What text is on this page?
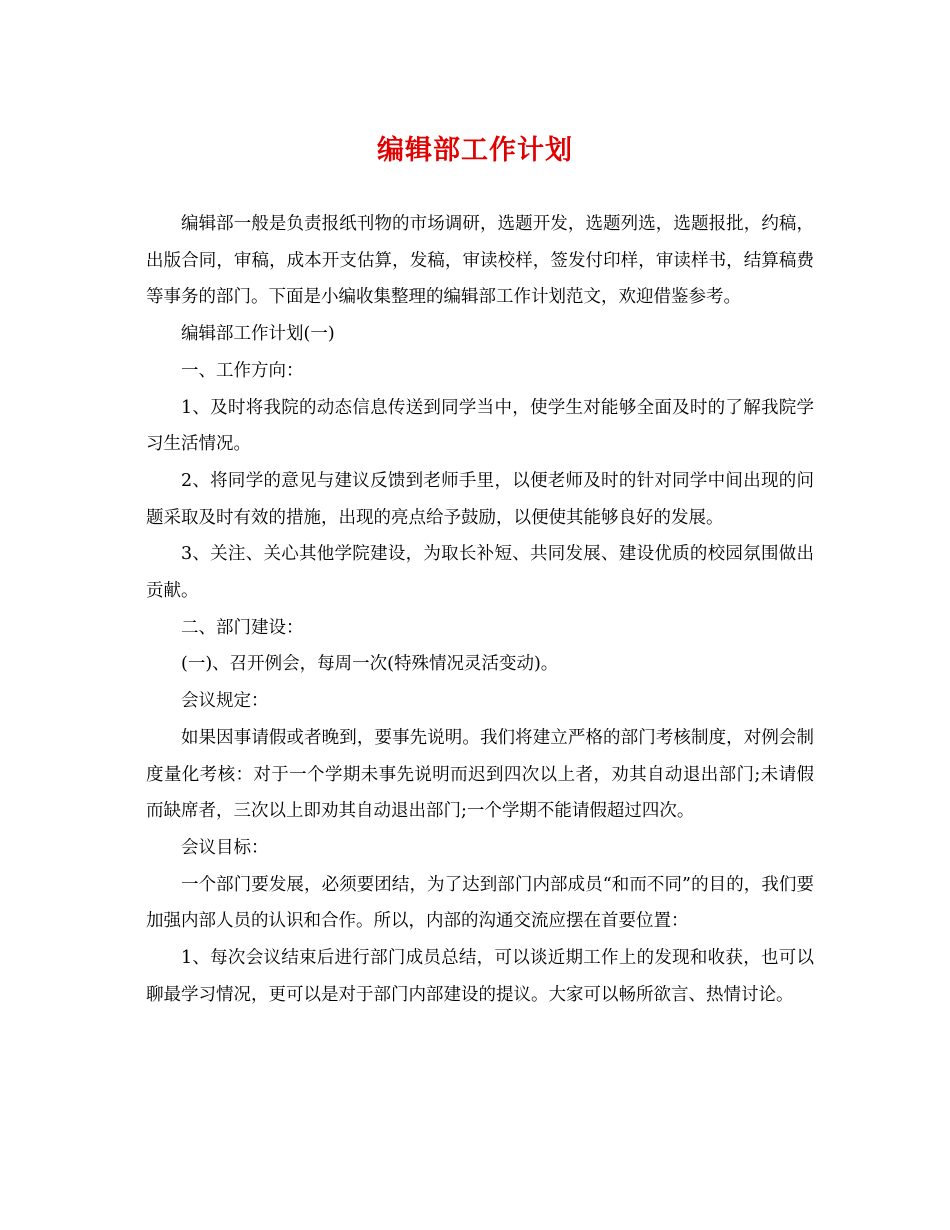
编辑部工作计划

编辑部一般是负责报纸刊物的市场调研，选题开发，选题列选，选题报批，约稿，出版合同，审稿，成本开支估算，发稿，审读校样，签发付印样，审读样书，结算稿费等事务的部门。下面是小编收集整理的编辑部工作计划范文，欢迎借鉴参考。

编辑部工作计划(一)

一、工作方向：

1、及时将我院的动态信息传送到同学当中，使学生对能够全面及时的了解我院学习生活情况。

2、将同学的意见与建议反馈到老师手里，以便老师及时的针对同学中间出现的问题采取及时有效的措施，出现的亮点给予鼓励，以便使其能够良好的发展。

3、关注、关心其他学院建设，为取长补短、共同发展、建设优质的校园氛围做出贡献。

二、部门建设：

(一)、召开例会，每周一次(特殊情况灵活变动)。

会议规定：

如果因事请假或者晚到，要事先说明。我们将建立严格的部门考核制度，对例会制度量化考核：对于一个学期未事先说明而迟到四次以上者，劝其自动退出部门;未请假而缺席者，三次以上即劝其自动退出部门;一个学期不能请假超过四次。

会议目标：

一个部门要发展，必须要团结，为了达到部门内部成员“和而不同”的目的，我们要加强内部人员的认识和合作。所以，内部的沟通交流应摆在首要位置：

1、每次会议结束后进行部门成员总结，可以谈近期工作上的发现和收获，也可以聊最学习情况，更可以是对于部门内部建设的提议。大家可以畅所欲言、热情讨论。
